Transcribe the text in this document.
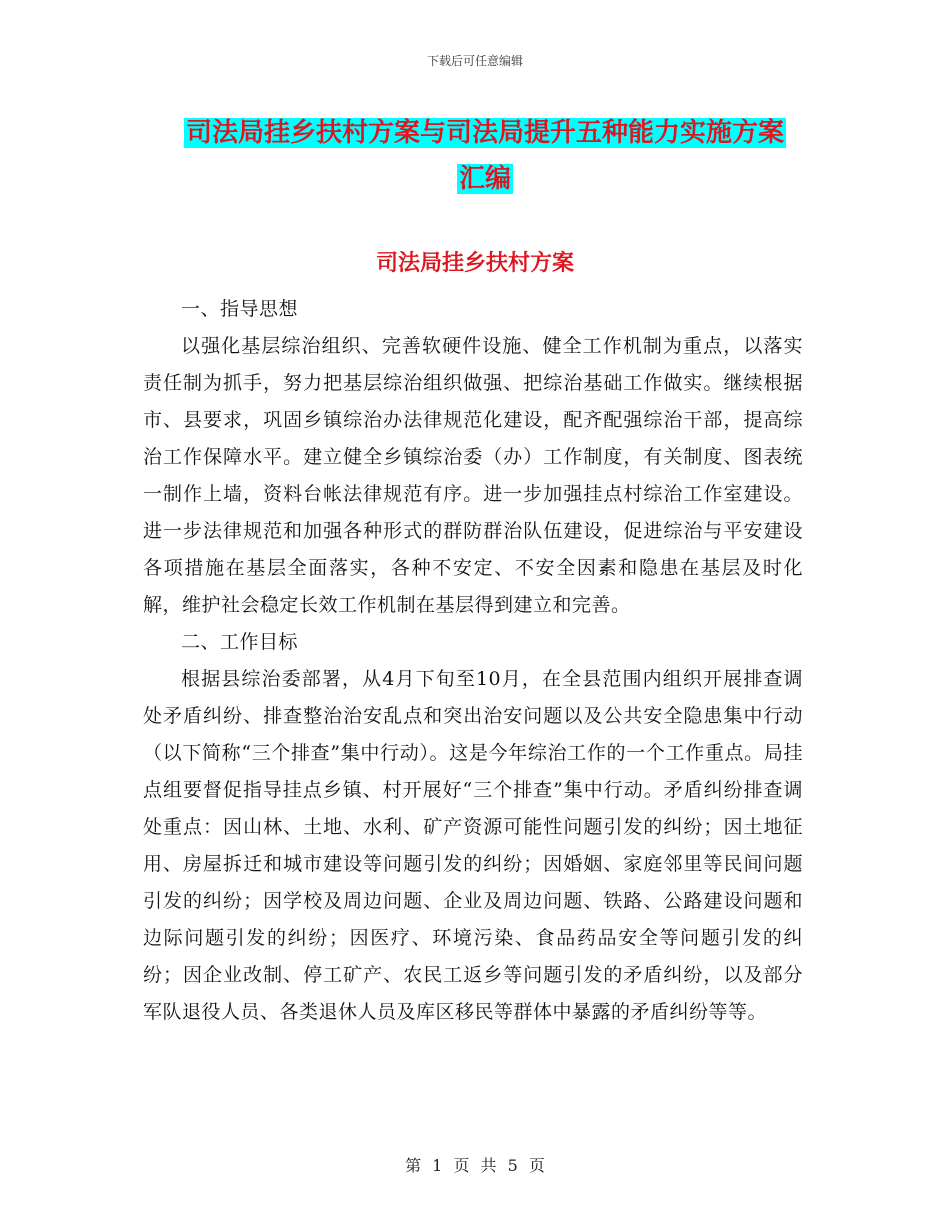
下载后可任意编辑
司法局挂乡扶村方案与司法局提升五种能力实施方案
汇编
司法局挂乡扶村方案

一、指导思想

以强化基层综治组织、完善软硬件设施、健全工作机制为重点，以落实责任制为抓手，努力把基层综治组织做强、把综治基础工作做实。继续根据市、县要求，巩固乡镇综治办法律规范化建设，配齐配强综治干部，提高综治工作保障水平。建立健全乡镇综治委（办）工作制度，有关制度、图表统一制作上墙，资料台帐法律规范有序。进一步加强挂点村综治工作室建设。进一步法律规范和加强各种形式的群防群治队伍建设，促进综治与平安建设各项措施在基层全面落实，各种不安定、不安全因素和隐患在基层及时化解，维护社会稳定长效工作机制在基层得到建立和完善。

二、工作目标

根据县综治委部署，从4月下旬至10月，在全县范围内组织开展排查调处矛盾纠纷、排查整治治安乱点和突出治安问题以及公共安全隐患集中行动（以下简称“三个排查”集中行动）。这是今年综治工作的一个工作重点。局挂点组要督促指导挂点乡镇、村开展好“三个排查”集中行动。矛盾纠纷排查调处重点：因山林、土地、水利、矿产资源可能性问题引发的纠纷；因土地征用、房屋拆迁和城市建设等问题引发的纠纷；因婚姻、家庭邻里等民间问题引发的纠纷；因学校及周边问题、企业及周边问题、铁路、公路建设问题和边际问题引发的纠纷；因医疗、环境污染、食品药品安全等问题引发的纠纷；因企业改制、停工矿产、农民工返乡等问题引发的矛盾纠纷，以及部分军队退役人员、各类退休人员及库区移民等群体中暴露的矛盾纠纷等等。

第 1 页 共 5 页
